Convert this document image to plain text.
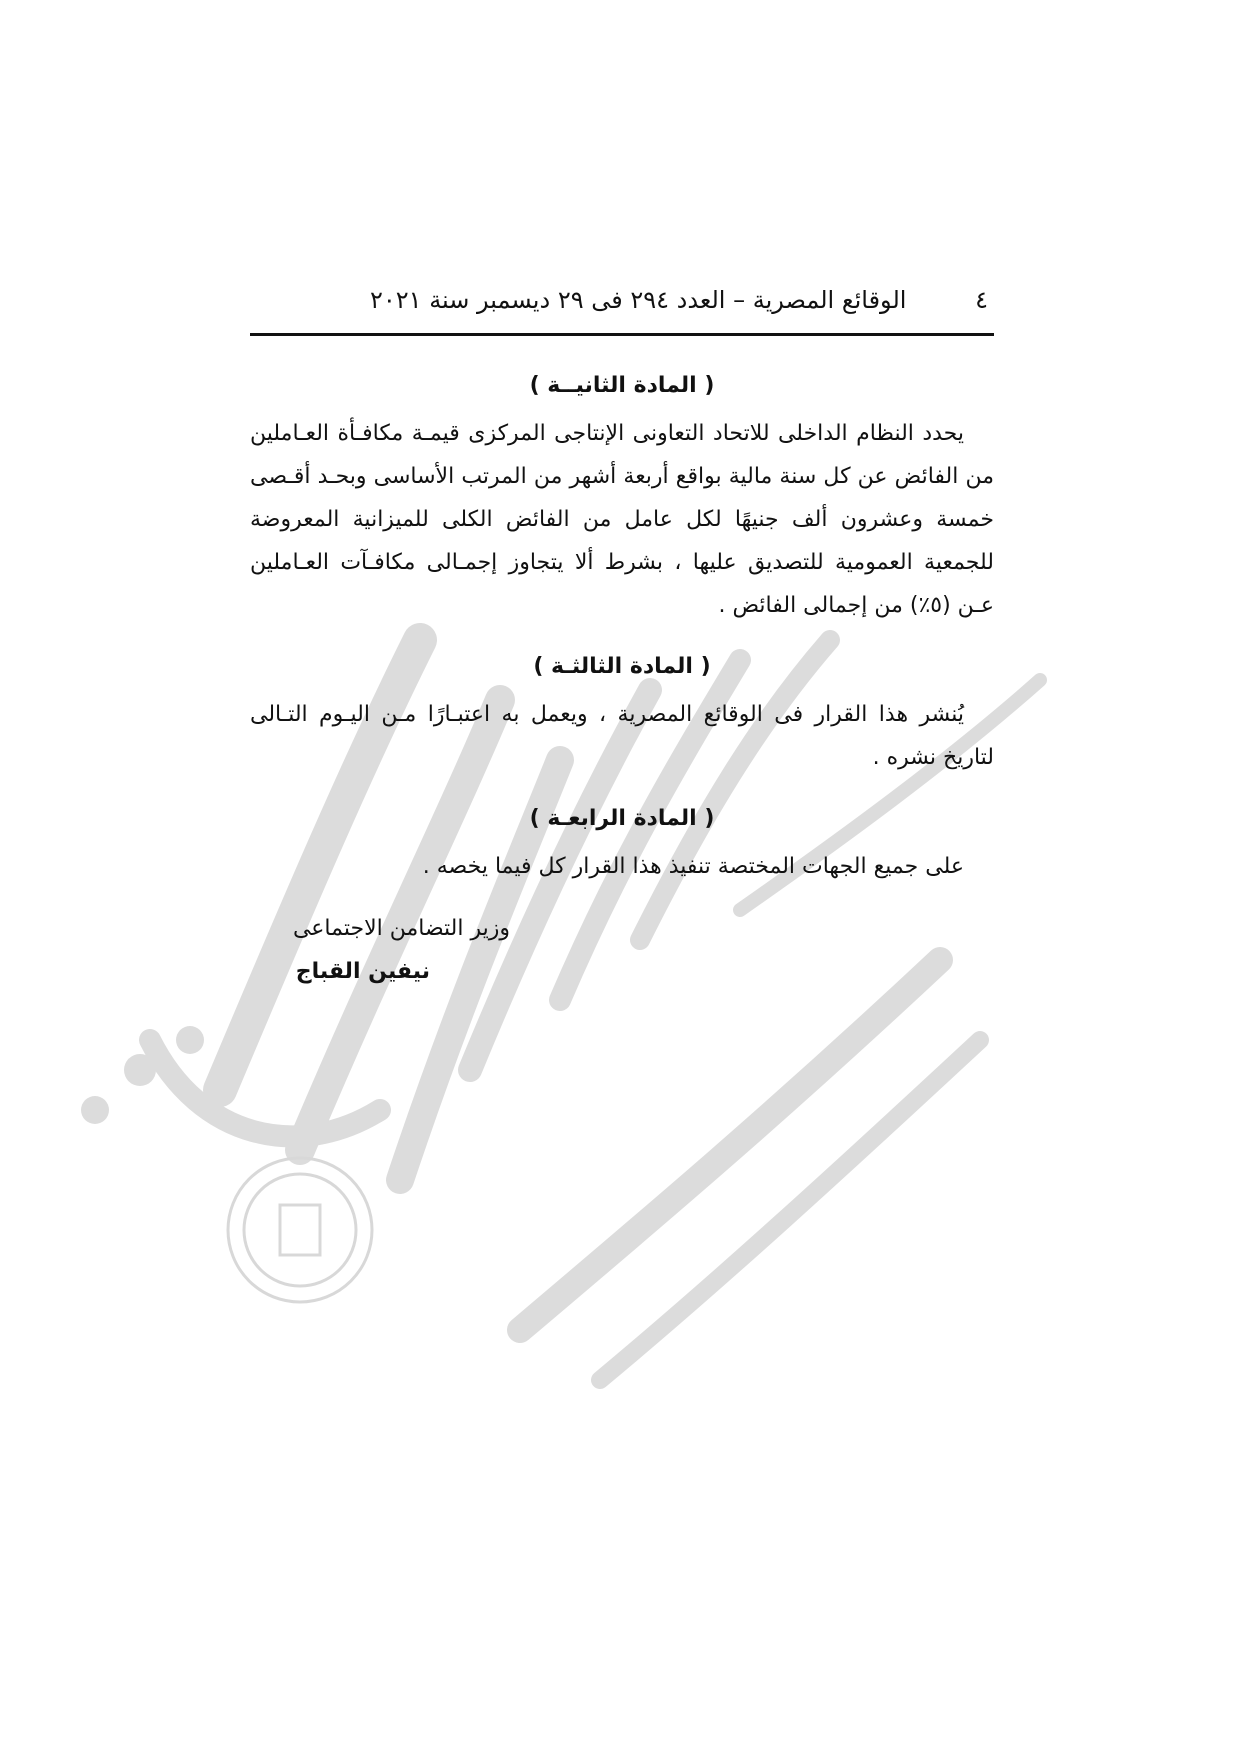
٤
الوقائع المصرية – العدد ٢٩٤ فى ٢٩ ديسمبر سنة ٢٠٢١

( المادة الثانيــة )

يحدد النظام الداخلى للاتحاد التعاونى الإنتاجى المركزى قيمـة مكافـأة العـاملين من الفائض عن كل سنة مالية بواقع أربعة أشهر من المرتب الأساسى وبحـد أقـصى خمسة وعشرون ألف جنيهًا لكل عامل من الفائض الكلى للميزانية المعروضة للجمعية العمومية للتصديق عليها ، بشرط ألا يتجاوز إجمـالى مكافـآت العـاملين عـن (٥٪) من إجمالى الفائض .

( المادة الثالثـة )

يُنشر هذا القرار فى الوقائع المصرية ، ويعمل به اعتبـارًا مـن اليـوم التـالى لتاريخ نشره .

( المادة الرابعـة )

على جميع الجهات المختصة تنفيذ هذا القرار كل فيما يخصه .

وزير التضامن الاجتماعى
نيفين القباج
